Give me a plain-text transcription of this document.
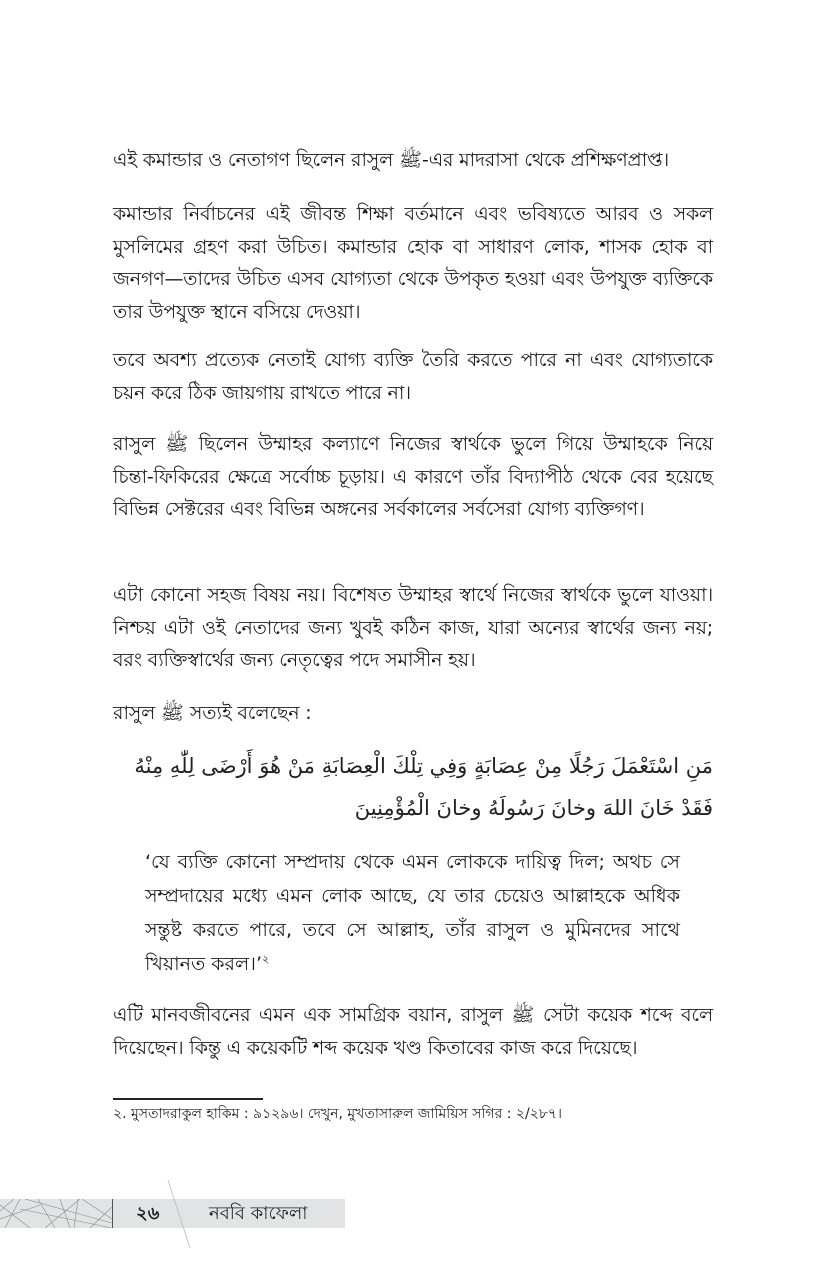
এই কমান্ডার ও নেতাগণ ছিলেন রাসুল ﷺ-এর মাদরাসা থেকে প্রশিক্ষণপ্রাপ্ত।

কমান্ডার নির্বাচনের এই জীবন্ত শিক্ষা বর্তমানে এবং ভবিষ্যতে আরব ও সকল মুসলিমের গ্রহণ করা উচিত। কমান্ডার হোক বা সাধারণ লোক, শাসক হোক বা জনগণ—তাদের উচিত এসব যোগ্যতা থেকে উপকৃত হওয়া এবং উপযুক্ত ব্যক্তিকে তার উপযুক্ত স্থানে বসিয়ে দেওয়া।

তবে অবশ্য প্রত্যেক নেতাই যোগ্য ব্যক্তি তৈরি করতে পারে না এবং যোগ্যতাকে চয়ন করে ঠিক জায়গায় রাখতে পারে না।

রাসুল ﷺ ছিলেন উম্মাহর কল্যাণে নিজের স্বার্থকে ভুলে গিয়ে উম্মাহকে নিয়ে চিন্তা-ফিকিরের ক্ষেত্রে সর্বোচ্চ চূড়ায়। এ কারণে তাঁর বিদ্যাপীঠ থেকে বের হয়েছে বিভিন্ন সেক্টরের এবং বিভিন্ন অঙ্গনের সর্বকালের সর্বসেরা যোগ্য ব্যক্তিগণ।

এটা কোনো সহজ বিষয় নয়। বিশেষত উম্মাহর স্বার্থে নিজের স্বার্থকে ভুলে যাওয়া। নিশ্চয় এটা ওই নেতাদের জন্য খুবই কঠিন কাজ, যারা অন্যের স্বার্থের জন্য নয়; বরং ব্যক্তিস্বার্থের জন্য নেতৃত্বের পদে সমাসীন হয়।

রাসুল ﷺ সত্যই বলেছেন :

مَنِ اسْتَعْمَلَ رَجُلًا مِنْ عِصَابَةٍ وَفِي تِلْكَ الْعِصَابَةِ مَنْ هُوَ أَرْضَى لِلّٰهِ مِنْهُ
فَقَدْ خَانَ اللهَ وخانَ رَسُولَهُ وخانَ الْمُؤْمِنِينَ

‘যে ব্যক্তি কোনো সম্প্রদায় থেকে এমন লোককে দায়িত্ব দিল; অথচ সে সম্প্রদায়ের মধ্যে এমন লোক আছে, যে তার চেয়েও আল্লাহকে অধিক সন্তুষ্ট করতে পারে, তবে সে আল্লাহ, তাঁর রাসুল ও মুমিনদের সাথে খিয়ানত করল।’$^২$

এটি মানবজীবনের এমন এক সামগ্রিক বয়ান, রাসুল ﷺ সেটা কয়েক শব্দে বলে দিয়েছেন। কিন্তু এ কয়েকটি শব্দ কয়েক খণ্ড কিতাবের কাজ করে দিয়েছে।

২. মুসতাদরাকুল হাকিম : ৯১২৯৬। দেখুন, মুখতাসারুল জামিয়িস সগির : ২/২৮৭।
২৬	নববি কাফেলা
